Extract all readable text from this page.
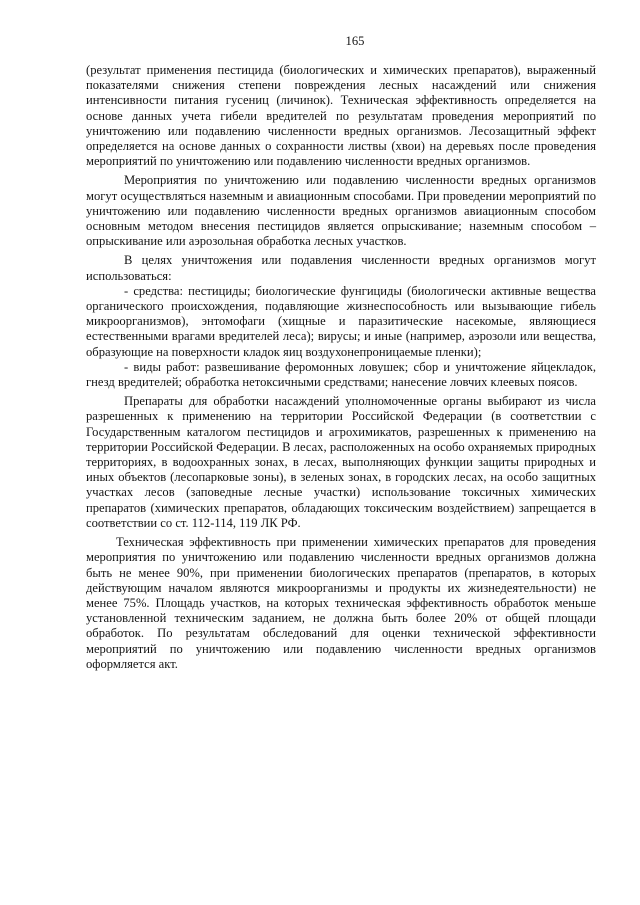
165

(результат применения пестицида (биологических и химических препаратов), выраженный показателями снижения степени повреждения лесных насаждений или снижения интенсивности питания гусениц (личинок). Техническая эффективность определяется на основе данных учета гибели вредителей по результатам проведения мероприятий по уничтожению или подавлению численности вредных организмов. Лесозащитный эффект определяется на основе данных о сохранности листвы (хвои) на деревьях после проведения мероприятий по уничтожению или подавлению численности вредных организмов.

Мероприятия по уничтожению или подавлению численности вредных организмов могут осуществляться наземным и авиационным способами. При проведении мероприятий по уничтожению или подавлению численности вредных организмов авиационным способом основным методом внесения пестицидов является опрыскивание; наземным способом – опрыскивание или аэрозольная обработка лесных участков.

В целях уничтожения или подавления численности вредных организмов могут использоваться:

- средства: пестициды; биологические фунгициды (биологически активные вещества органического происхождения, подавляющие жизнеспособность или вызывающие гибель микроорганизмов), энтомофаги (хищные и паразитические насекомые, являющиеся естественными врагами вредителей леса); вирусы; и иные (например, аэрозоли или вещества, образующие на поверхности кладок яиц воздухонепроницаемые пленки);

- виды работ: развешивание феромонных ловушек; сбор и уничтожение яйцекладок, гнезд вредителей; обработка нетоксичными средствами; нанесение ловчих клеевых поясов.

Препараты для обработки насаждений уполномоченные органы выбирают из числа разрешенных к применению на территории Российской Федерации (в соответствии с Государственным каталогом пестицидов и агрохимикатов, разрешенных к применению на территории Российской Федерации. В лесах, расположенных на особо охраняемых природных территориях, в водоохранных зонах, в лесах, выполняющих функции защиты природных и иных объектов (лесопарковые зоны), в зеленых зонах, в городских лесах, на особо защитных участках лесов (заповедные лесные участки) использование токсичных химических препаратов (химических препаратов, обладающих токсическим воздействием) запрещается в соответствии со ст. 112-114, 119 ЛК РФ.

Техническая эффективность при применении химических препаратов для проведения мероприятия по уничтожению или подавлению численности вредных организмов должна быть не менее 90%, при применении биологических препаратов (препаратов, в которых действующим началом являются микроорганизмы и продукты их жизнедеятельности) не менее 75%. Площадь участков, на которых техническая эффективность обработок меньше установленной техническим заданием, не должна быть более 20% от общей площади обработок. По результатам обследований для оценки технической эффективности мероприятий по уничтожению или подавлению численности вредных организмов оформляется акт.
